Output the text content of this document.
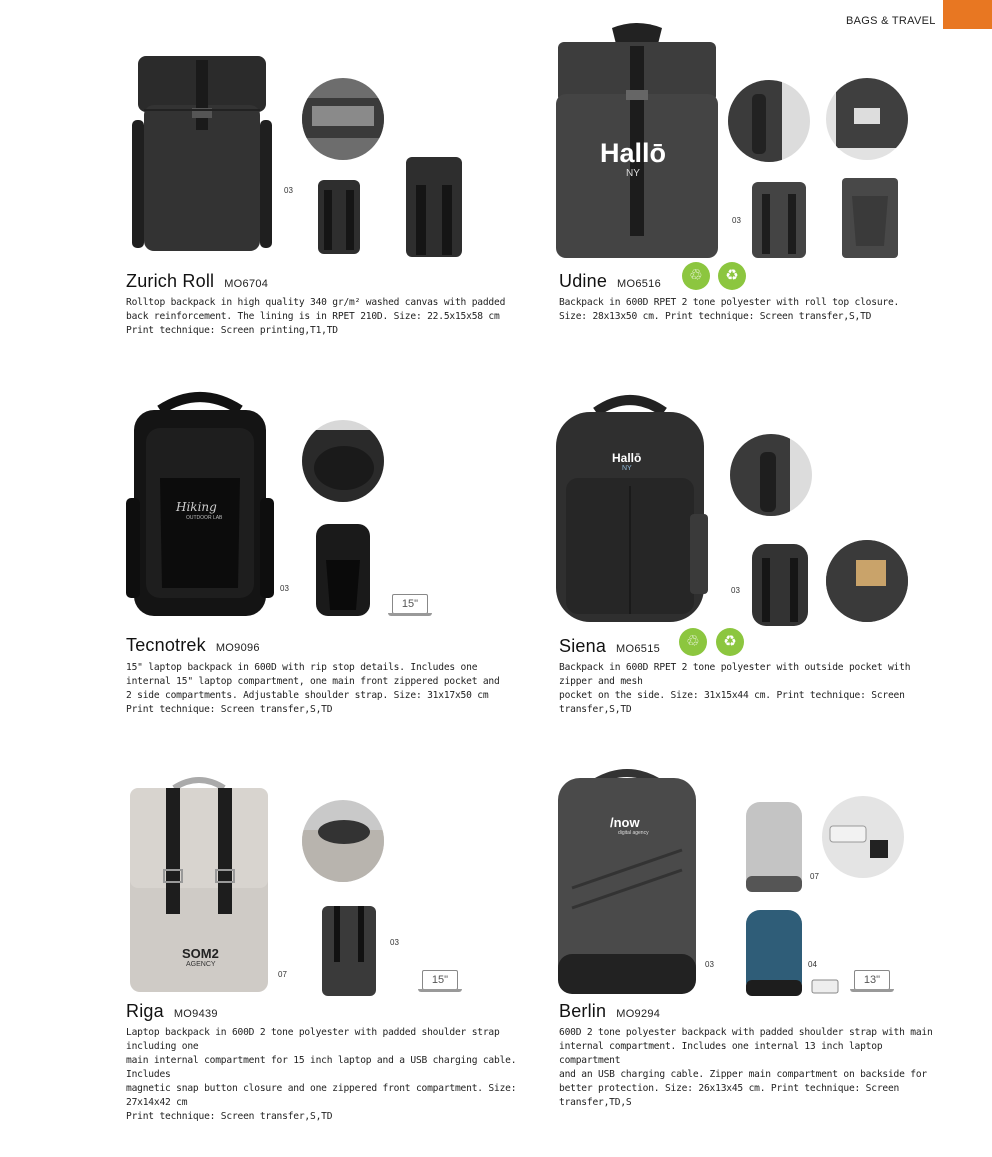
BAGS & TRAVEL
03
Zurich Roll MO6704

Rolltop backpack in high quality 340 gr/m² washed canvas with padded
back reinforcement. The lining is in RPET 210D. Size: 22.5x15x58 cm
Print technique: Screen printing,T1,TD

Hallō
NY
03
Udine MO6516	♲	♻

Backpack in 600D RPET 2 tone polyester with roll top closure.
Size: 28x13x50 cm. Print technique: Screen transfer,S,TD

Hiking
OUTDOOR LAB
03
15"
Tecnotrek MO9096

15" laptop backpack in 600D with rip stop details. Includes one
internal 15" laptop compartment, one main front zippered pocket and
2 side compartments. Adjustable shoulder strap. Size: 31x17x50 cm
Print technique: Screen transfer,S,TD

Hallō
NY
03
Siena MO6515	♲	♻

Backpack in 600D RPET 2 tone polyester with outside pocket with zipper and mesh
pocket on the side. Size: 31x15x44 cm. Print technique: Screen transfer,S,TD

SOM2
AGENCY
07
03
15"
Riga MO9439

Laptop backpack in 600D 2 tone polyester with padded shoulder strap including one
main internal compartment for 15 inch laptop and a USB charging cable. Includes
magnetic snap button closure and one zippered front compartment. Size: 27x14x42 cm
Print technique: Screen transfer,S,TD

/now
digital agency
03
07
04
13"
Berlin MO9294

600D 2 tone polyester backpack with padded shoulder strap with main
internal compartment. Includes one internal 13 inch laptop compartment
and an USB charging cable. Zipper main compartment on backside for
better protection. Size: 26x13x45 cm. Print technique: Screen transfer,TD,S
